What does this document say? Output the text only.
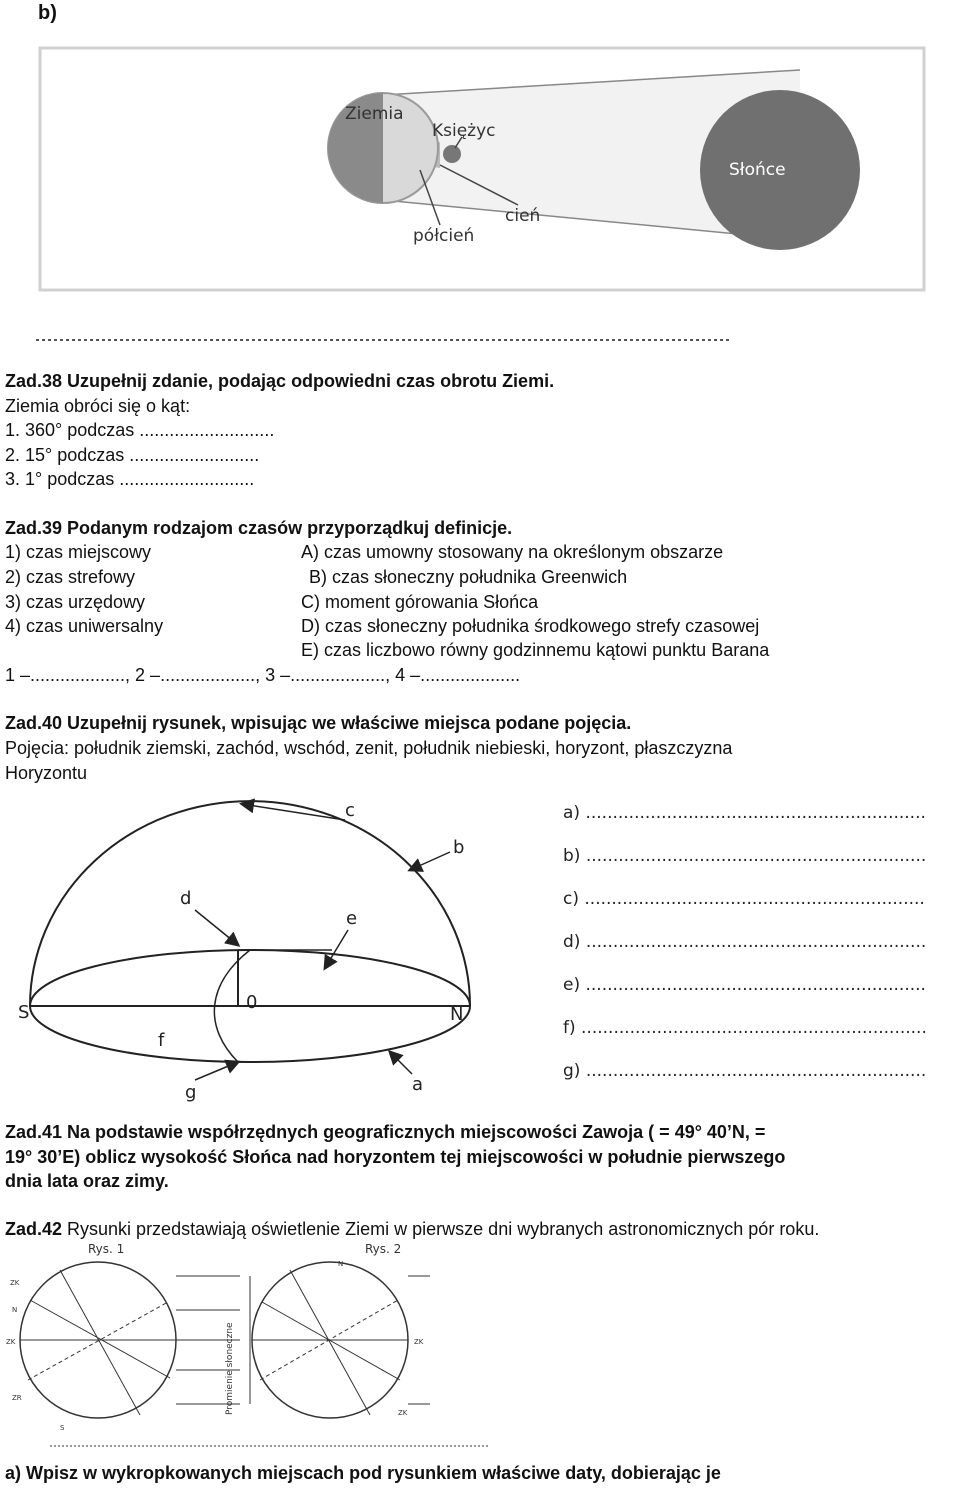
b)
Ziemia
Księżyc
Słońce
cień
półcień
Zad.38 Uzupełnij zdanie, podając odpowiedni czas obrotu Ziemi.
Ziemia obróci się o kąt:
1. 360° podczas ...........................
2. 15° podczas ..........................
3. 1° podczas ...........................
Zad.39 Podanym rodzajom czasów przyporządkuj definicje.
1) czas miejscowy
2) czas strefowy
3) czas urzędowy
4) czas uniwersalny
A) czas umowny stosowany na określonym obszarze
B) czas słoneczny południka Greenwich
C) moment górowania Słońca
D) czas słoneczny południka środkowego strefy czasowej
E) czas liczbowo równy godzinnemu kątowi punktu Barana
1 –..................., 2 –..................., 3 –..................., 4 –....................
Zad.40 Uzupełnij rysunek, wpisując we właściwe miejsca podane pojęcia.
Pojęcia: południk ziemski, zachód, wschód, zenit, południk niebieski, horyzont, płaszczyzna
Horyzontu
c
b
d
e
0
S	N
f
g	a
a) ...............................................................
b) ...............................................................
c) ...............................................................
d) ...............................................................
e) ...............................................................
f) ................................................................
g) ...............................................................
Zad.41 Na podstawie współrzędnych geograficznych miejscowości Zawoja ( = 49° 40’N, =
19° 30’E) oblicz wysokość Słońca nad horyzontem tej miejscowości w południe pierwszego
dnia lata oraz zimy.
Zad.42 Rysunki przedstawiają oświetlenie Ziemi w pierwsze dni wybranych astronomicznych pór roku.
Rys. 1
ZK
N
ZK
ZR
S
Rys. 2
Promienie słoneczne
N
ZK
ZK
a) Wpisz w wykropkowanych miejscach pod rysunkiem właściwe daty, dobierając je
